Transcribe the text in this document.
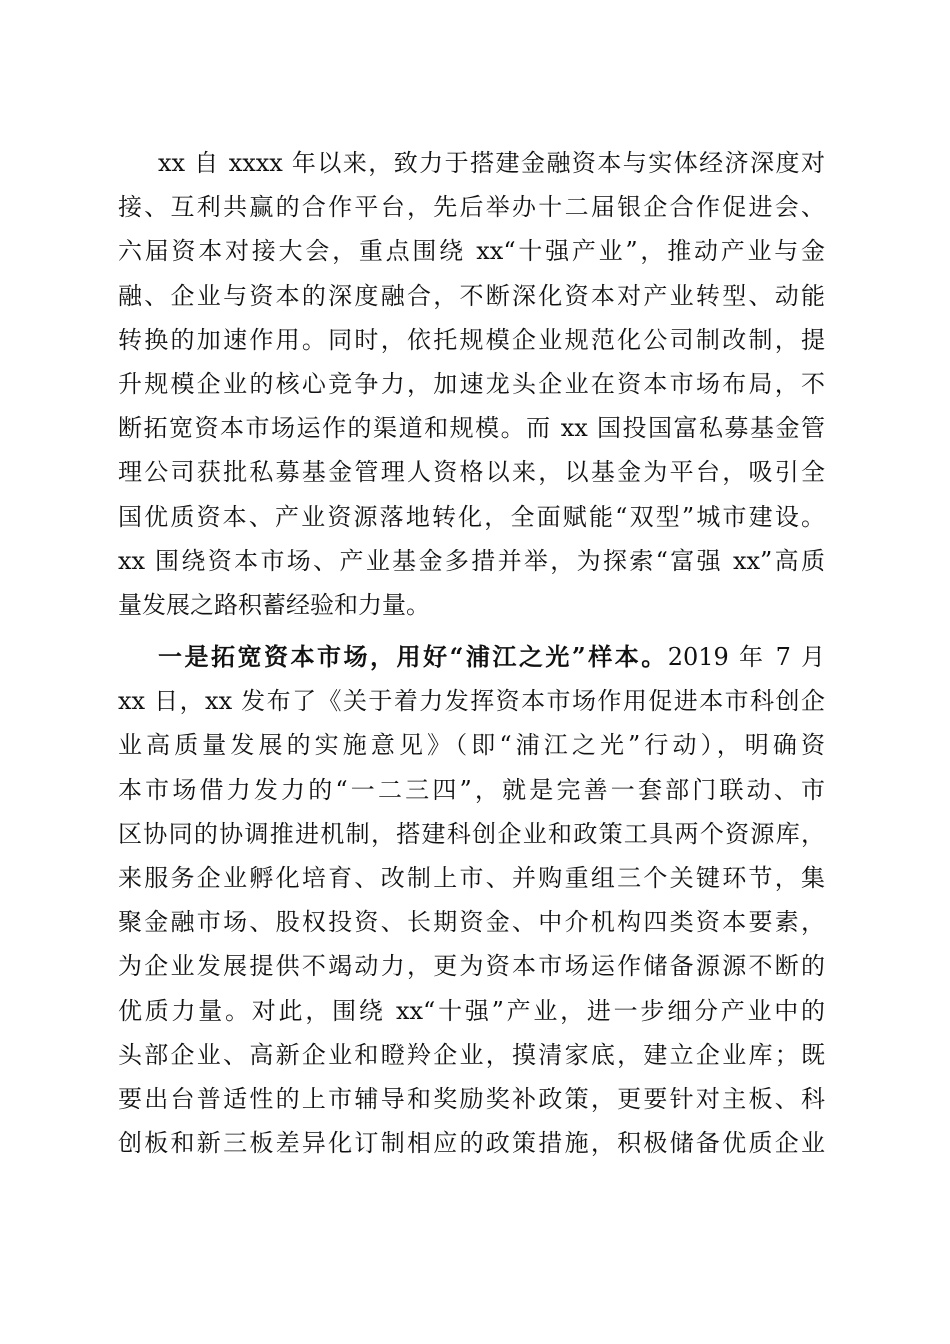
xx 自 xxxx 年以来，致力于搭建金融资本与实体经济深度对
接、互利共赢的合作平台，先后举办十二届银企合作促进会、
六届资本对接大会，重点围绕 xx“十强产业”，推动产业与金
融、企业与资本的深度融合，不断深化资本对产业转型、动能
转换的加速作用。同时，依托规模企业规范化公司制改制，提
升规模企业的核心竞争力，加速龙头企业在资本市场布局，不
断拓宽资本市场运作的渠道和规模。而 xx 国投国富私募基金管
理公司获批私募基金管理人资格以来，以基金为平台，吸引全
国优质资本、产业资源落地转化，全面赋能“双型”城市建设。
xx 围绕资本市场、产业基金多措并举，为探索“富强 xx”高质
量发展之路积蓄经验和力量。
一是拓宽资本市场，用好“浦江之光”样本。2019 年 7 月
xx 日，xx 发布了《关于着力发挥资本市场作用促进本市科创企
业高质量发展的实施意见》（即“浦江之光”行动），明确资
本市场借力发力的“一二三四”，就是完善一套部门联动、市
区协同的协调推进机制，搭建科创企业和政策工具两个资源库，
来服务企业孵化培育、改制上市、并购重组三个关键环节，集
聚金融市场、股权投资、长期资金、中介机构四类资本要素，
为企业发展提供不竭动力，更为资本市场运作储备源源不断的
优质力量。对此，围绕 xx“十强”产业，进一步细分产业中的
头部企业、高新企业和瞪羚企业，摸清家底，建立企业库；既
要出台普适性的上市辅导和奖励奖补政策，更要针对主板、科
创板和新三板差异化订制相应的政策措施，积极储备优质企业
